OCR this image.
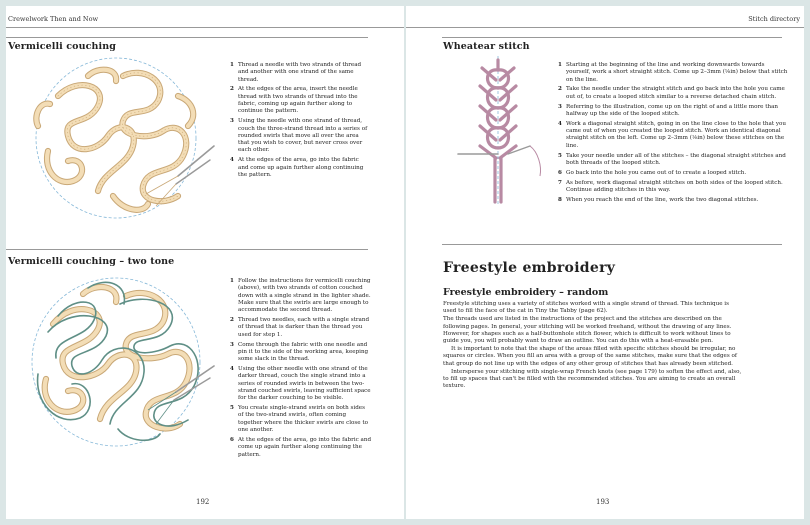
Crewelwork Then and Now
Vermicelli couching
1 Thread a needle with two strands of thread and another with one strand of the same thread.
2 At the edges of the area, insert the needle thread with two strands of thread into the fabric, coming up again further along to continue the pattern.
3 Using the needle with one strand of thread, couch the three-strand thread into a series of rounded swirls that move all over the area that you wish to cover, but never cross over each other.
4 At the edges of the area, go into the fabric and come up again further along continuing the pattern.
Vermicelli couching – two tone
1 Follow the instructions for vermicelli couching (above), with two strands of cotton couched down with a single strand in the lighter shade. Make sure that the swirls are large enough to accommodate the second thread.
2 Thread two needles, each with a single strand of thread that is darker than the thread you used for step 1.
3 Come through the fabric with one needle and pin it to the side of the working area, keeping some slack in the thread.
4 Using the other needle with one strand of the darker thread, couch the single strand into a series of rounded swirls in between the two-strand couched swirls, leaving sufficient space for the darker couching to be visible.
5 You create single-strand swirls on both sides of the two-strand swirls, often coming together where the thicker swirls are close to one another.
6 At the edges of the area, go into the fabric and come up again further along continuing the pattern.
192
Stitch directory
Wheatear stitch
1 Starting at the beginning of the line and working downwards towards yourself, work a short straight stitch. Come up 2–3mm (⅛in) below that stitch on the line.
2 Take the needle under the straight stitch and go back into the hole you came out of, to create a looped stitch similar to a reverse detached chain stitch.
3 Referring to the illustration, come up on the right of and a little more than halfway up the side of the looped stitch.
4 Work a diagonal straight stitch, going in on the line close to the hole that you came out of when you created the looped stitch. Work an identical diagonal straight stitch on the left. Come up 2–3mm (⅛in) below these stitches on the line.
5 Take your needle under all of the stitches – the diagonal straight stitches and both threads of the looped stitch.
6 Go back into the hole you came out of to create a looped stitch.
7 As before, work diagonal straight stitches on both sides of the looped stitch. Continue adding stitches in this way.
8 When you reach the end of the line, work the two diagonal stitches.
Freestyle embroidery
Freestyle embroidery – random

Freestyle stitching uses a variety of stitches worked with a single strand of thread. This technique is used to fill the face of the cat in Tiny the Tabby (page 62).

The threads used are listed in the instructions of the project and the stitches are described on the following pages. In general, your stitching will be worked freehand, without the drawing of any lines. However, for shapes such as a half-buttonhole stitch flower, which is difficult to work without lines to guide you, you will probably want to draw an outline. You can do this with a heat-erasable pen.

It is important to note that the shape of the areas filled with specific stitches should be irregular, no squares or circles. When you fill an area with a group of the same stitches, make sure that the edges of that group do not line up with the edges of any other group of stitches that has already been stitched.

Intersperse your stitching with single-wrap French knots (see page 179) to soften the effect and, also, to fill up spaces that can't be filled with the recommended stitches. You are aiming to create an overall texture.

193
